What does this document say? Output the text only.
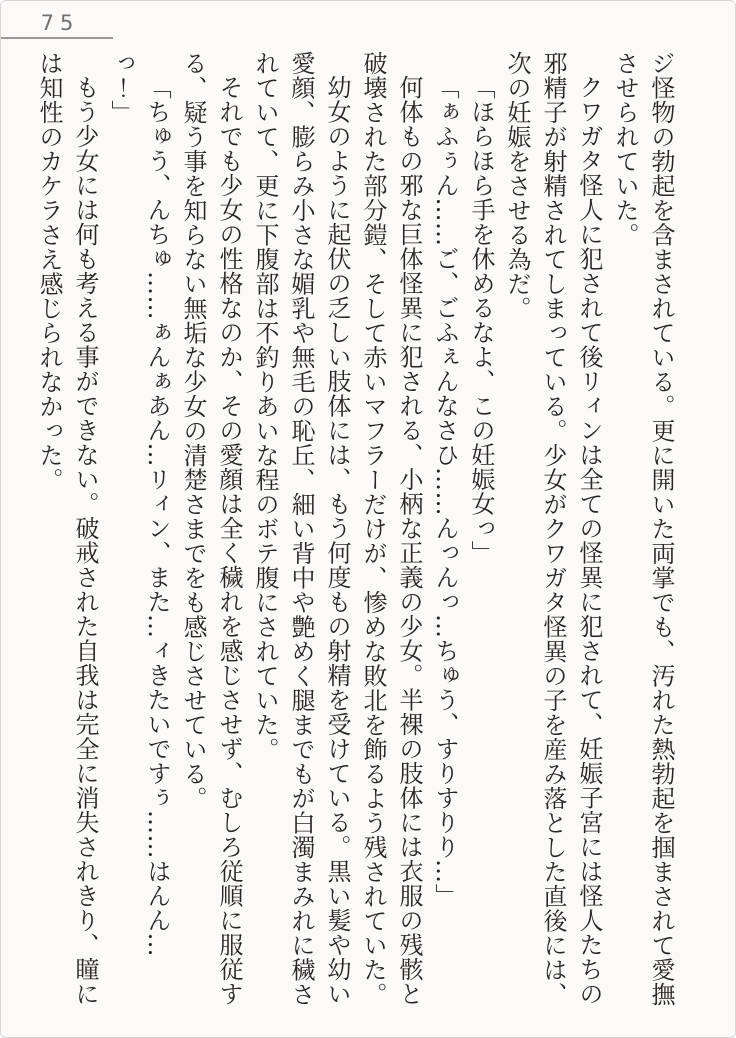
75

ジ怪物の勃起を含まされている。更に開いた両掌でも、汚れた熱勃起を掴まされて愛撫させられていた。

クワガタ怪人に犯されて後リィンは全ての怪異に犯されて、妊娠子宮には怪人たちの邪精子が射精されてしまっている。少女がクワガタ怪異の子を産み落とした直後には、次の妊娠をさせる為だ。

「ほらほら手を休めるなよ、この妊娠女っ」

「ぁふぅん……ご、ごふぇんなさひ……んっんっ…ちゅう、すりすりり…」

何体もの邪な巨体怪異に犯される、小柄な正義の少女。半裸の肢体には衣服の残骸と破壊された部分鎧、そして赤いマフラーだけが、惨めな敗北を飾るよう残されていた。

幼女のように起伏の乏しい肢体には、もう何度もの射精を受けている。黒い髪や幼い愛顔、膨らみ小さな媚乳や無毛の恥丘、細い背中や艶めく腿までもが白濁まみれに穢されていて、更に下腹部は不釣りあいな程のボテ腹にされていた。

それでも少女の性格なのか、その愛顔は全く穢れを感じさせず、むしろ従順に服従する、疑う事を知らない無垢な少女の清楚さまでをも感じさせている。

「ちゅう、んちゅ……ぁんぁあん…リィン、また…ィきたいですぅ……はんん…っ！」

もう少女には何も考える事ができない。破戒された自我は完全に消失されきり、瞳には知性のカケラさえ感じられなかった。
